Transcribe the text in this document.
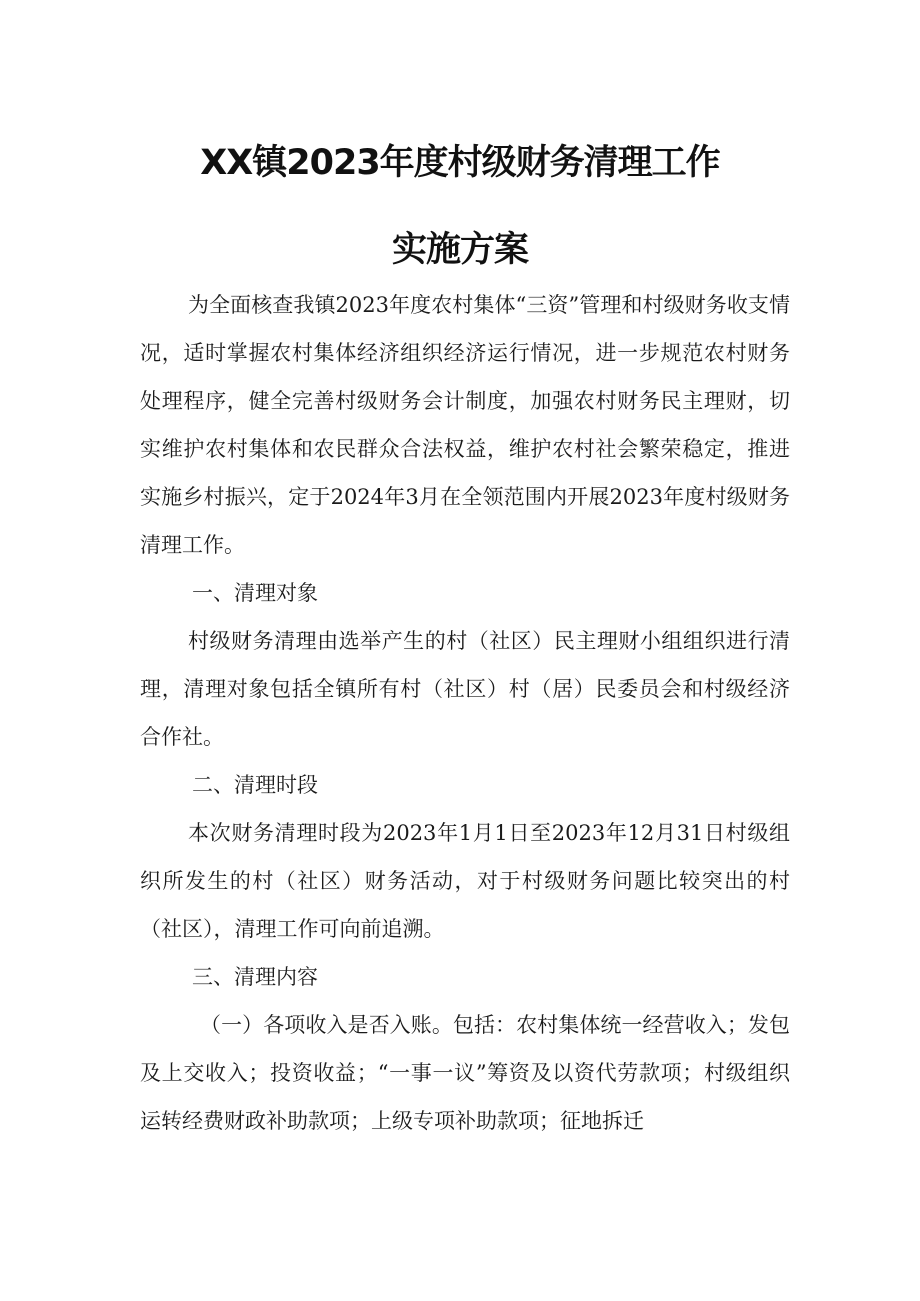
XX镇2023年度村级财务清理工作
实施方案

为全面核查我镇2023年度农村集体“三资”管理和村级财务收支情况，适时掌握农村集体经济组织经济运行情况，进一步规范农村财务处理程序，健全完善村级财务会计制度，加强农村财务民主理财，切实维护农村集体和农民群众合法权益，维护农村社会繁荣稳定，推进实施乡村振兴，定于2024年3月在全领范围内开展2023年度村级财务清理工作。

一、清理对象

村级财务清理由选举产生的村（社区）民主理财小组组织进行清理，清理对象包括全镇所有村（社区）村（居）民委员会和村级经济合作社。

二、清理时段

本次财务清理时段为2023年1月1日至2023年12月31日村级组织所发生的村（社区）财务活动，对于村级财务问题比较突出的村（社区），清理工作可向前追溯。

三、清理内容

（一）各项收入是否入账。包括：农村集体统一经营收入；发包及上交收入；投资收益；“一事一议”筹资及以资代劳款项；村级组织运转经费财政补助款项；上级专项补助款项；征地拆迁
